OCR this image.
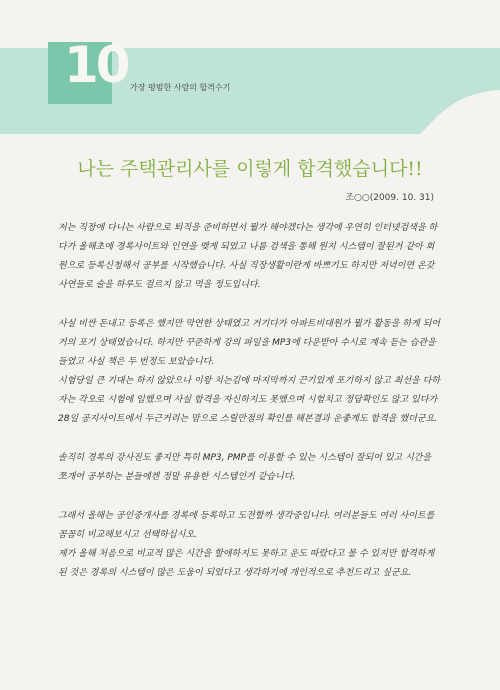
10 가장 평범한 사람의 합격수기
나는 주택관리사를 이렇게 합격했습니다!!
조○○(2009. 10. 31)

저는 직장에 다니는 사람으로 퇴직을 준비하면서 뭘가 해야겠다는 생각에 우연히 인터넷검색을 하다가 올해초에 경록사이트와 인연을 맺게 되었고 나름 검색을 통해 원지 시스템이 잘된거 같아 회원으로 등록신청해서 공부를 시작했습니다. 사실 직장생활이란게 바쁘기도 하지만 저녁이면 온갖 사연들로 술을 하루도 걸르지 않고 먹을 정도입니다.

사실 비싼 돈내고 등록은 했지만 막연한 상태였고 거기다가 아파트비대원가 뭘가 활동을 하게 되어 거의 포기 상태였습니다. 하지만 꾸준하게 강의 파일을 MP3에 다운받아 수시로 계속 듣는 습관을 들였고 사실 책은 두 번정도 보았습니다.

시험당일 큰 기대는 하지 않았으나 이왕 치는김에 마지막까지 끈기있게 포기하지 않고 최선을 다하자는 각오로 시험에 임했으며 사실 합격을 자신하지도 못했으며 시험치고 정답확인도 않고 있다가 28일 공지사이트에서 두근거리는 맘으로 스릴만점의 확인를 해본결과 운좋게도 합격을 했더군요.

솔직히 경록의 강사진도 좋지만 특히 MP3, PMP를 이용할 수 있는 시스템이 잘되어 있고 시간을 쪼개어 공부하는 분들에겐 정말 유용한 시스템인거 같습니다.

그래서 올해는 공인중개사를 경록에 등록하고 도전할까 생각중입니다. 여러분들도 여러 사이트를 꼼꼼히 비교해보시고 선택하십시오.

제가 올해 처음으로 비교적 많은 시간을 할애하지도 못하고 운도 따랐다고 볼 수 있지만 합격하게 된 것은 경록의 시스템이 많은 도움이 되었다고 생각하기에 개인적으로 추천드리고 싶군요.
